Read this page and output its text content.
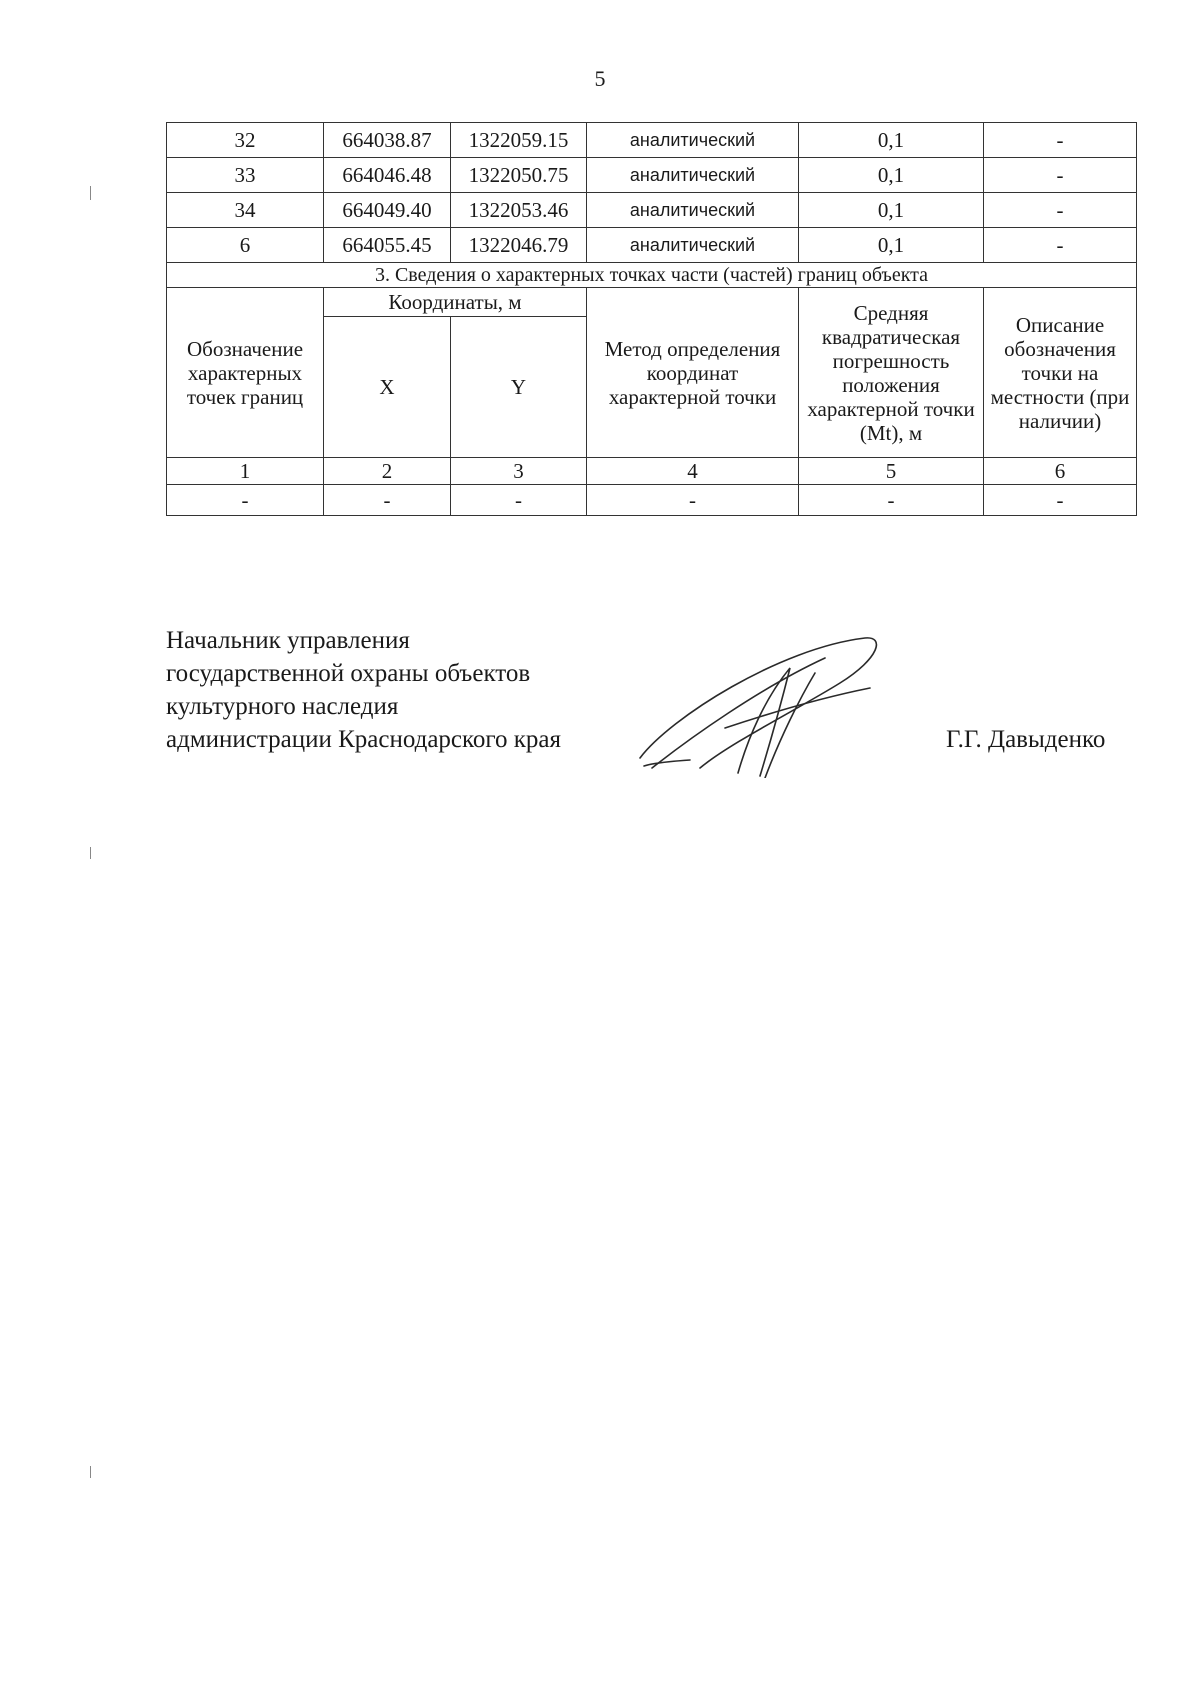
5
32	664038.87	1322059.15	аналитический	0,1	-
33	664046.48	1322050.75	аналитический	0,1	-
34	664049.40	1322053.46	аналитический	0,1	-
6	664055.45	1322046.79	аналитический	0,1	-
3. Сведения о характерных точках части (частей) границ объекта					
Обозначение характерных точек границ	Координаты, м		Метод определения координат характерной точки	Средняя квадратическая погрешность положения характерной точки (Mt), м	Описание обозначения точки на местности (при наличии)
	X	Y			
1	2	3	4	5	6
-	-	-	-	-	-
Начальник управления
государственной охраны объектов
культурного наследия
администрации Краснодарского края	Г.Г. Давыденко
